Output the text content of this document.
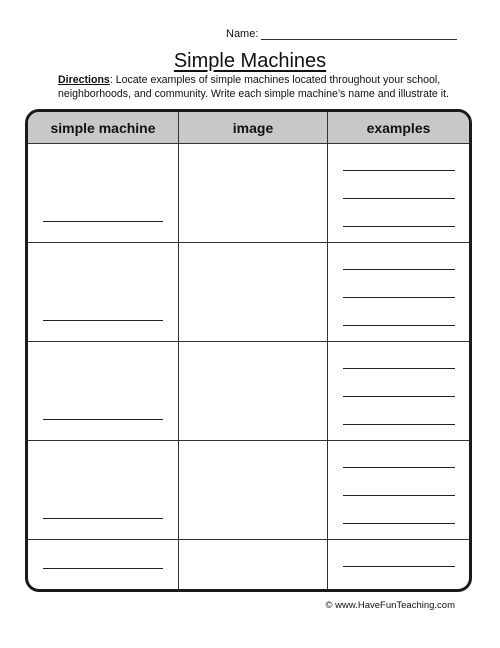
Name:
Simple Machines
Directions: Locate examples of simple machines located throughout your school, neighborhoods, and community. Write each simple machine’s name and illustrate it.
simple machine	image	examples

© www.HaveFunTeaching.com
